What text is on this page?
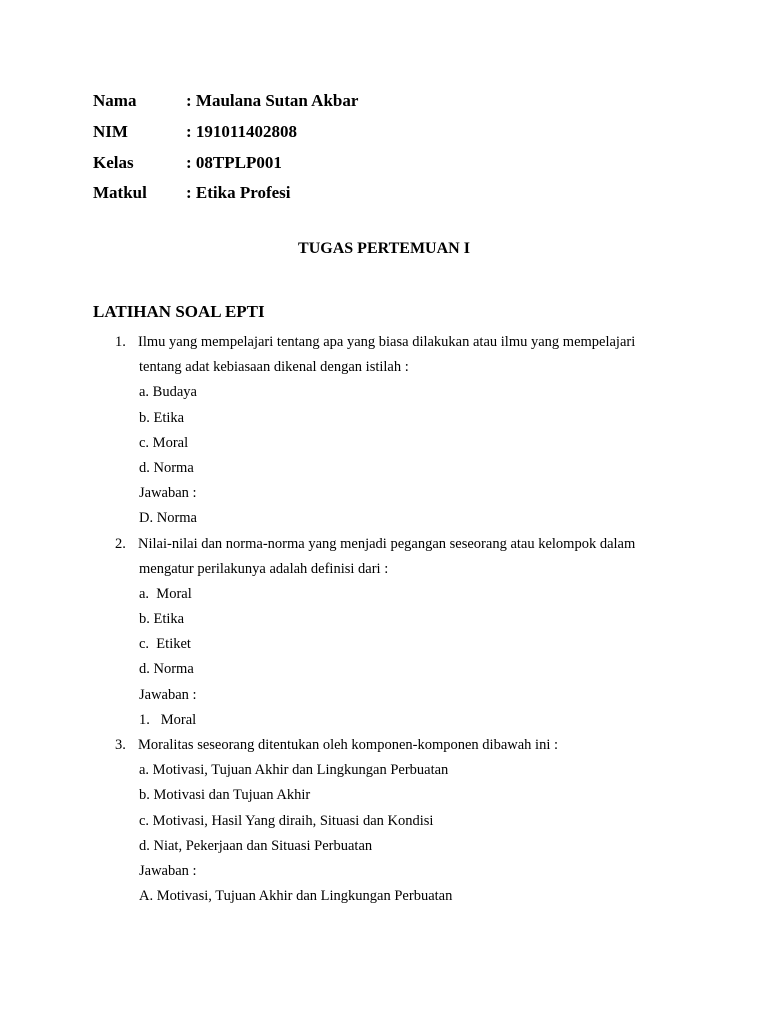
Nama	: Maulana Sutan Akbar
NIM	: 191011402808
Kelas	: 08TPLP001
Matkul	: Etika Profesi
TUGAS PERTEMUAN I
LATIHAN SOAL EPTI
1. Ilmu yang mempelajari tentang apa yang biasa dilakukan atau ilmu yang mempelajari
tentang adat kebiasaan dikenal dengan istilah :
a. Budaya
b. Etika
c. Moral
d. Norma
Jawaban :
D. Norma
2. Nilai-nilai dan norma-norma yang menjadi pegangan seseorang atau kelompok dalam
mengatur perilakunya adalah definisi dari :
a.  Moral
b. Etika
c.  Etiket
d. Norma
Jawaban :
1.   Moral
3. Moralitas seseorang ditentukan oleh komponen-komponen dibawah ini :
a. Motivasi, Tujuan Akhir dan Lingkungan Perbuatan
b. Motivasi dan Tujuan Akhir
c. Motivasi, Hasil Yang diraih, Situasi dan Kondisi
d. Niat, Pekerjaan dan Situasi Perbuatan
Jawaban :
A. Motivasi, Tujuan Akhir dan Lingkungan Perbuatan
